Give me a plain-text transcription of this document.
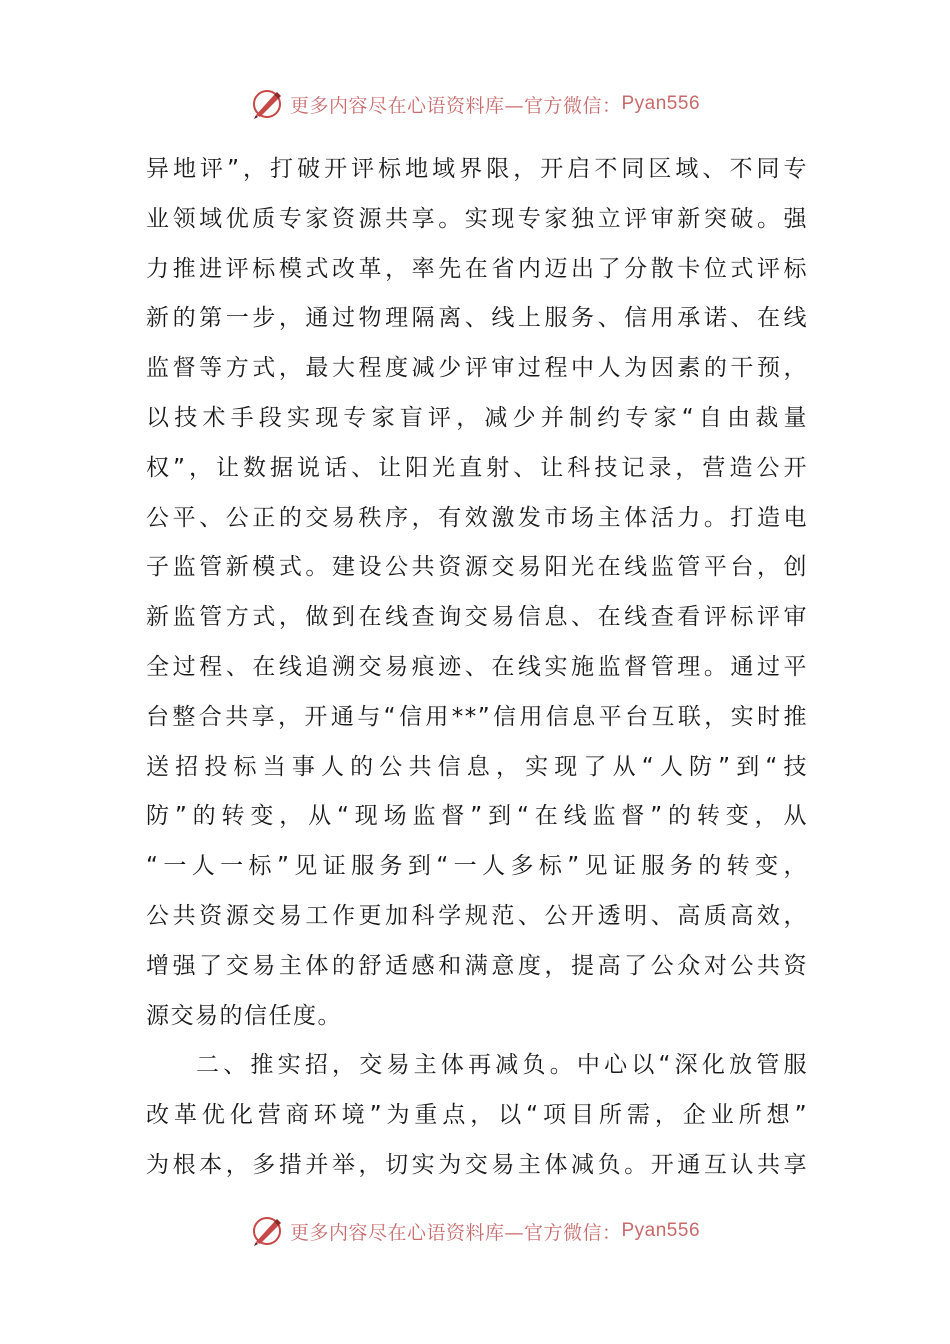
更多内容尽在心语资料库—官方微信： Pyan556
异地评”，打破开评标地域界限，开启不同区域、不同专
业领域优质专家资源共享。实现专家独立评审新突破。强
力推进评标模式改革，率先在省内迈出了分散卡位式评标
新的第一步，通过物理隔离、线上服务、信用承诺、在线
监督等方式，最大程度减少评审过程中人为因素的干预，
以技术手段实现专家盲评，减少并制约专家“自由裁量
权”，让数据说话、让阳光直射、让科技记录，营造公开
公平、公正的交易秩序，有效激发市场主体活力。打造电
子监管新模式。建设公共资源交易阳光在线监管平台，创
新监管方式，做到在线查询交易信息、在线查看评标评审
全过程、在线追溯交易痕迹、在线实施监督管理。通过平
台整合共享，开通与“信用**”信用信息平台互联，实时推
送招投标当事人的公共信息，实现了从“人防”到“技
防”的转变，从“现场监督”到“在线监督”的转变，从
“一人一标”见证服务到“一人多标”见证服务的转变，
公共资源交易工作更加科学规范、公开透明、高质高效，
增强了交易主体的舒适感和满意度，提高了公众对公共资
源交易的信任度。
二、推实招，交易主体再减负。中心以“深化放管服
改革优化营商环境”为重点，以“项目所需，企业所想”
为根本，多措并举，切实为交易主体减负。开通互认共享
更多内容尽在心语资料库—官方微信： Pyan556
